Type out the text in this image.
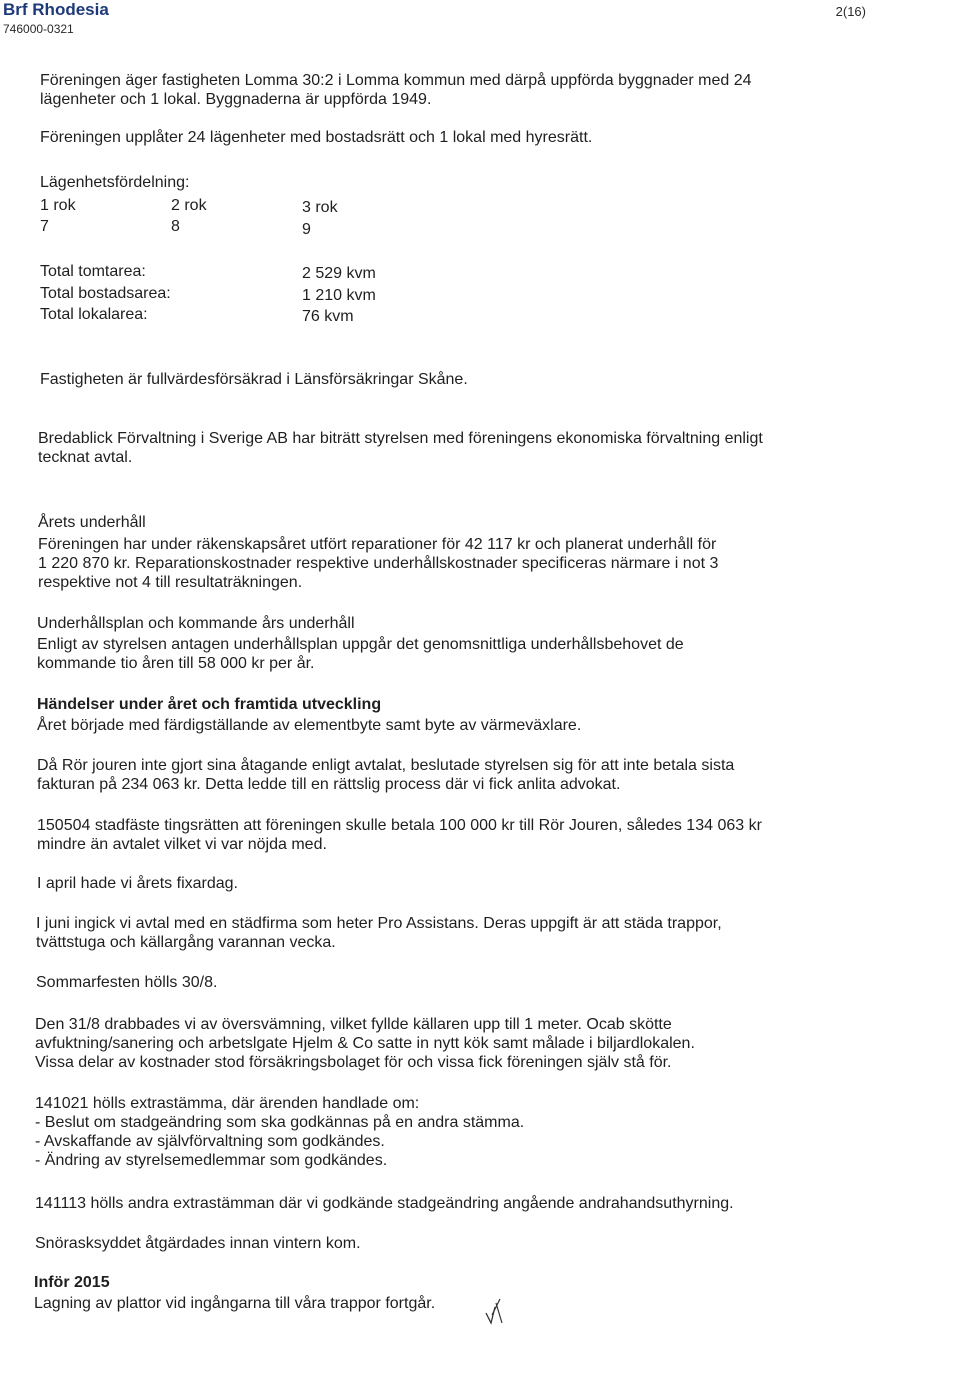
Brf Rhodesia
746000-0321
2(16)

Föreningen äger fastigheten Lomma 30:2 i Lomma kommun med därpå uppförda byggnader med 24
lägenheter och 1 lokal. Byggnaderna är uppförda 1949.

Föreningen upplåter 24 lägenheter med bostadsrätt och 1 lokal med hyresrätt.

Lägenhetsfördelning:
1 rok	2 rok	3 rok
7	8	9
Total tomtarea:	2 529 kvm
Total bostadsarea:	1 210 kvm
Total lokalarea:	76 kvm

Fastigheten är fullvärdesförsäkrad i Länsförsäkringar Skåne.

Bredablick Förvaltning i Sverige AB har biträtt styrelsen med föreningens ekonomiska förvaltning enligt
tecknat avtal.

Årets underhåll

Föreningen har under räkenskapsåret utfört reparationer för 42 117 kr och planerat underhåll för
1 220 870 kr. Reparationskostnader respektive underhållskostnader specificeras närmare i not 3
respektive not 4 till resultaträkningen.

Underhållsplan och kommande års underhåll

Enligt av styrelsen antagen underhållsplan uppgår det genomsnittliga underhållsbehovet de
kommande tio åren till 58 000 kr per år.

Händelser under året och framtida utveckling

Året började med färdigställande av elementbyte samt byte av värmeväxlare.

Då Rör jouren inte gjort sina åtagande enligt avtalat, beslutade styrelsen sig för att inte betala sista
fakturan på 234 063 kr. Detta ledde till en rättslig process där vi fick anlita advokat.

150504 stadfäste tingsrätten att föreningen skulle betala 100 000 kr till Rör Jouren, således 134 063 kr
mindre än avtalet vilket vi var nöjda med.

I april hade vi årets fixardag.

I juni ingick vi avtal med en städfirma som heter Pro Assistans. Deras uppgift är att städa trappor,
tvättstuga och källargång varannan vecka.

Sommarfesten hölls 30/8.

Den 31/8 drabbades vi av översvämning, vilket fyllde källaren upp till 1 meter. Ocab skötte
avfuktning/sanering och arbetslgate Hjelm & Co satte in nytt kök samt målade i biljardlokalen.
Vissa delar av kostnader stod försäkringsbolaget för och vissa fick föreningen själv stå för.

141021 hölls extrastämma, där ärenden handlade om:
- Beslut om stadgeändring som ska godkännas på en andra stämma.
- Avskaffande av självförvaltning som godkändes.
- Ändring av styrelsemedlemmar som godkändes.

141113 hölls andra extrastämman där vi godkände stadgeändring angående andrahandsuthyrning.

Snörasksyddet åtgärdades innan vintern kom.

Inför 2015

Lagning av plattor vid ingångarna till våra trappor fortgår.
